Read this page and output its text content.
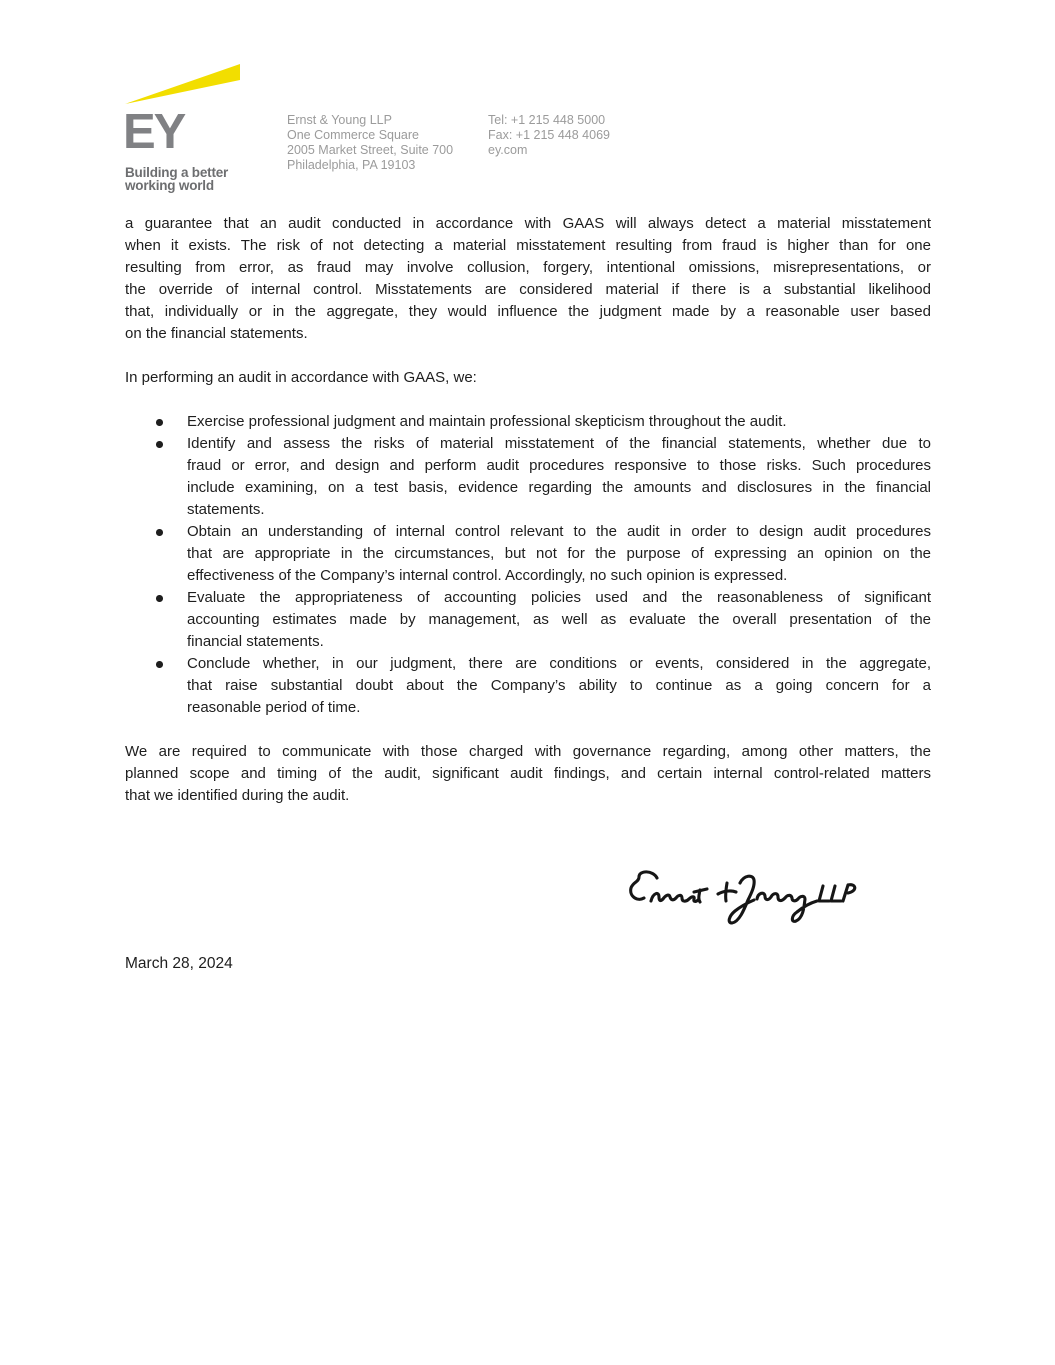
EY
Building a better
working world
Ernst & Young LLP
One Commerce Square
2005 Market Street, Suite 700
Philadelphia, PA 19103
Tel: +1 215 448 5000
Fax: +1 215 448 4069
ey.com
a guarantee that an audit conducted in accordance with GAAS will always detect a material misstatement
when it exists. The risk of not detecting a material misstatement resulting from fraud is higher than for one
resulting from error, as fraud may involve collusion, forgery, intentional omissions, misrepresentations, or
the override of internal control. Misstatements are considered material if there is a substantial likelihood
that, individually or in the aggregate, they would influence the judgment made by a reasonable user based
on the financial statements.
In performing an audit in accordance with GAAS, we:
Exercise professional judgment and maintain professional skepticism throughout the audit.
Identify and assess the risks of material misstatement of the financial statements, whether due to
fraud or error, and design and perform audit procedures responsive to those risks. Such procedures
include examining, on a test basis, evidence regarding the amounts and disclosures in the financial
statements.
Obtain an understanding of internal control relevant to the audit in order to design audit procedures
that are appropriate in the circumstances, but not for the purpose of expressing an opinion on the
effectiveness of the Company’s internal control. Accordingly, no such opinion is expressed.
Evaluate the appropriateness of accounting policies used and the reasonableness of significant
accounting estimates made by management, as well as evaluate the overall presentation of the
financial statements.
Conclude whether, in our judgment, there are conditions or events, considered in the aggregate,
that raise substantial doubt about the Company’s ability to continue as a going concern for a
reasonable period of time.
We are required to communicate with those charged with governance regarding, among other matters, the
planned scope and timing of the audit, significant audit findings, and certain internal control-related matters
that we identified during the audit.
March 28, 2024
